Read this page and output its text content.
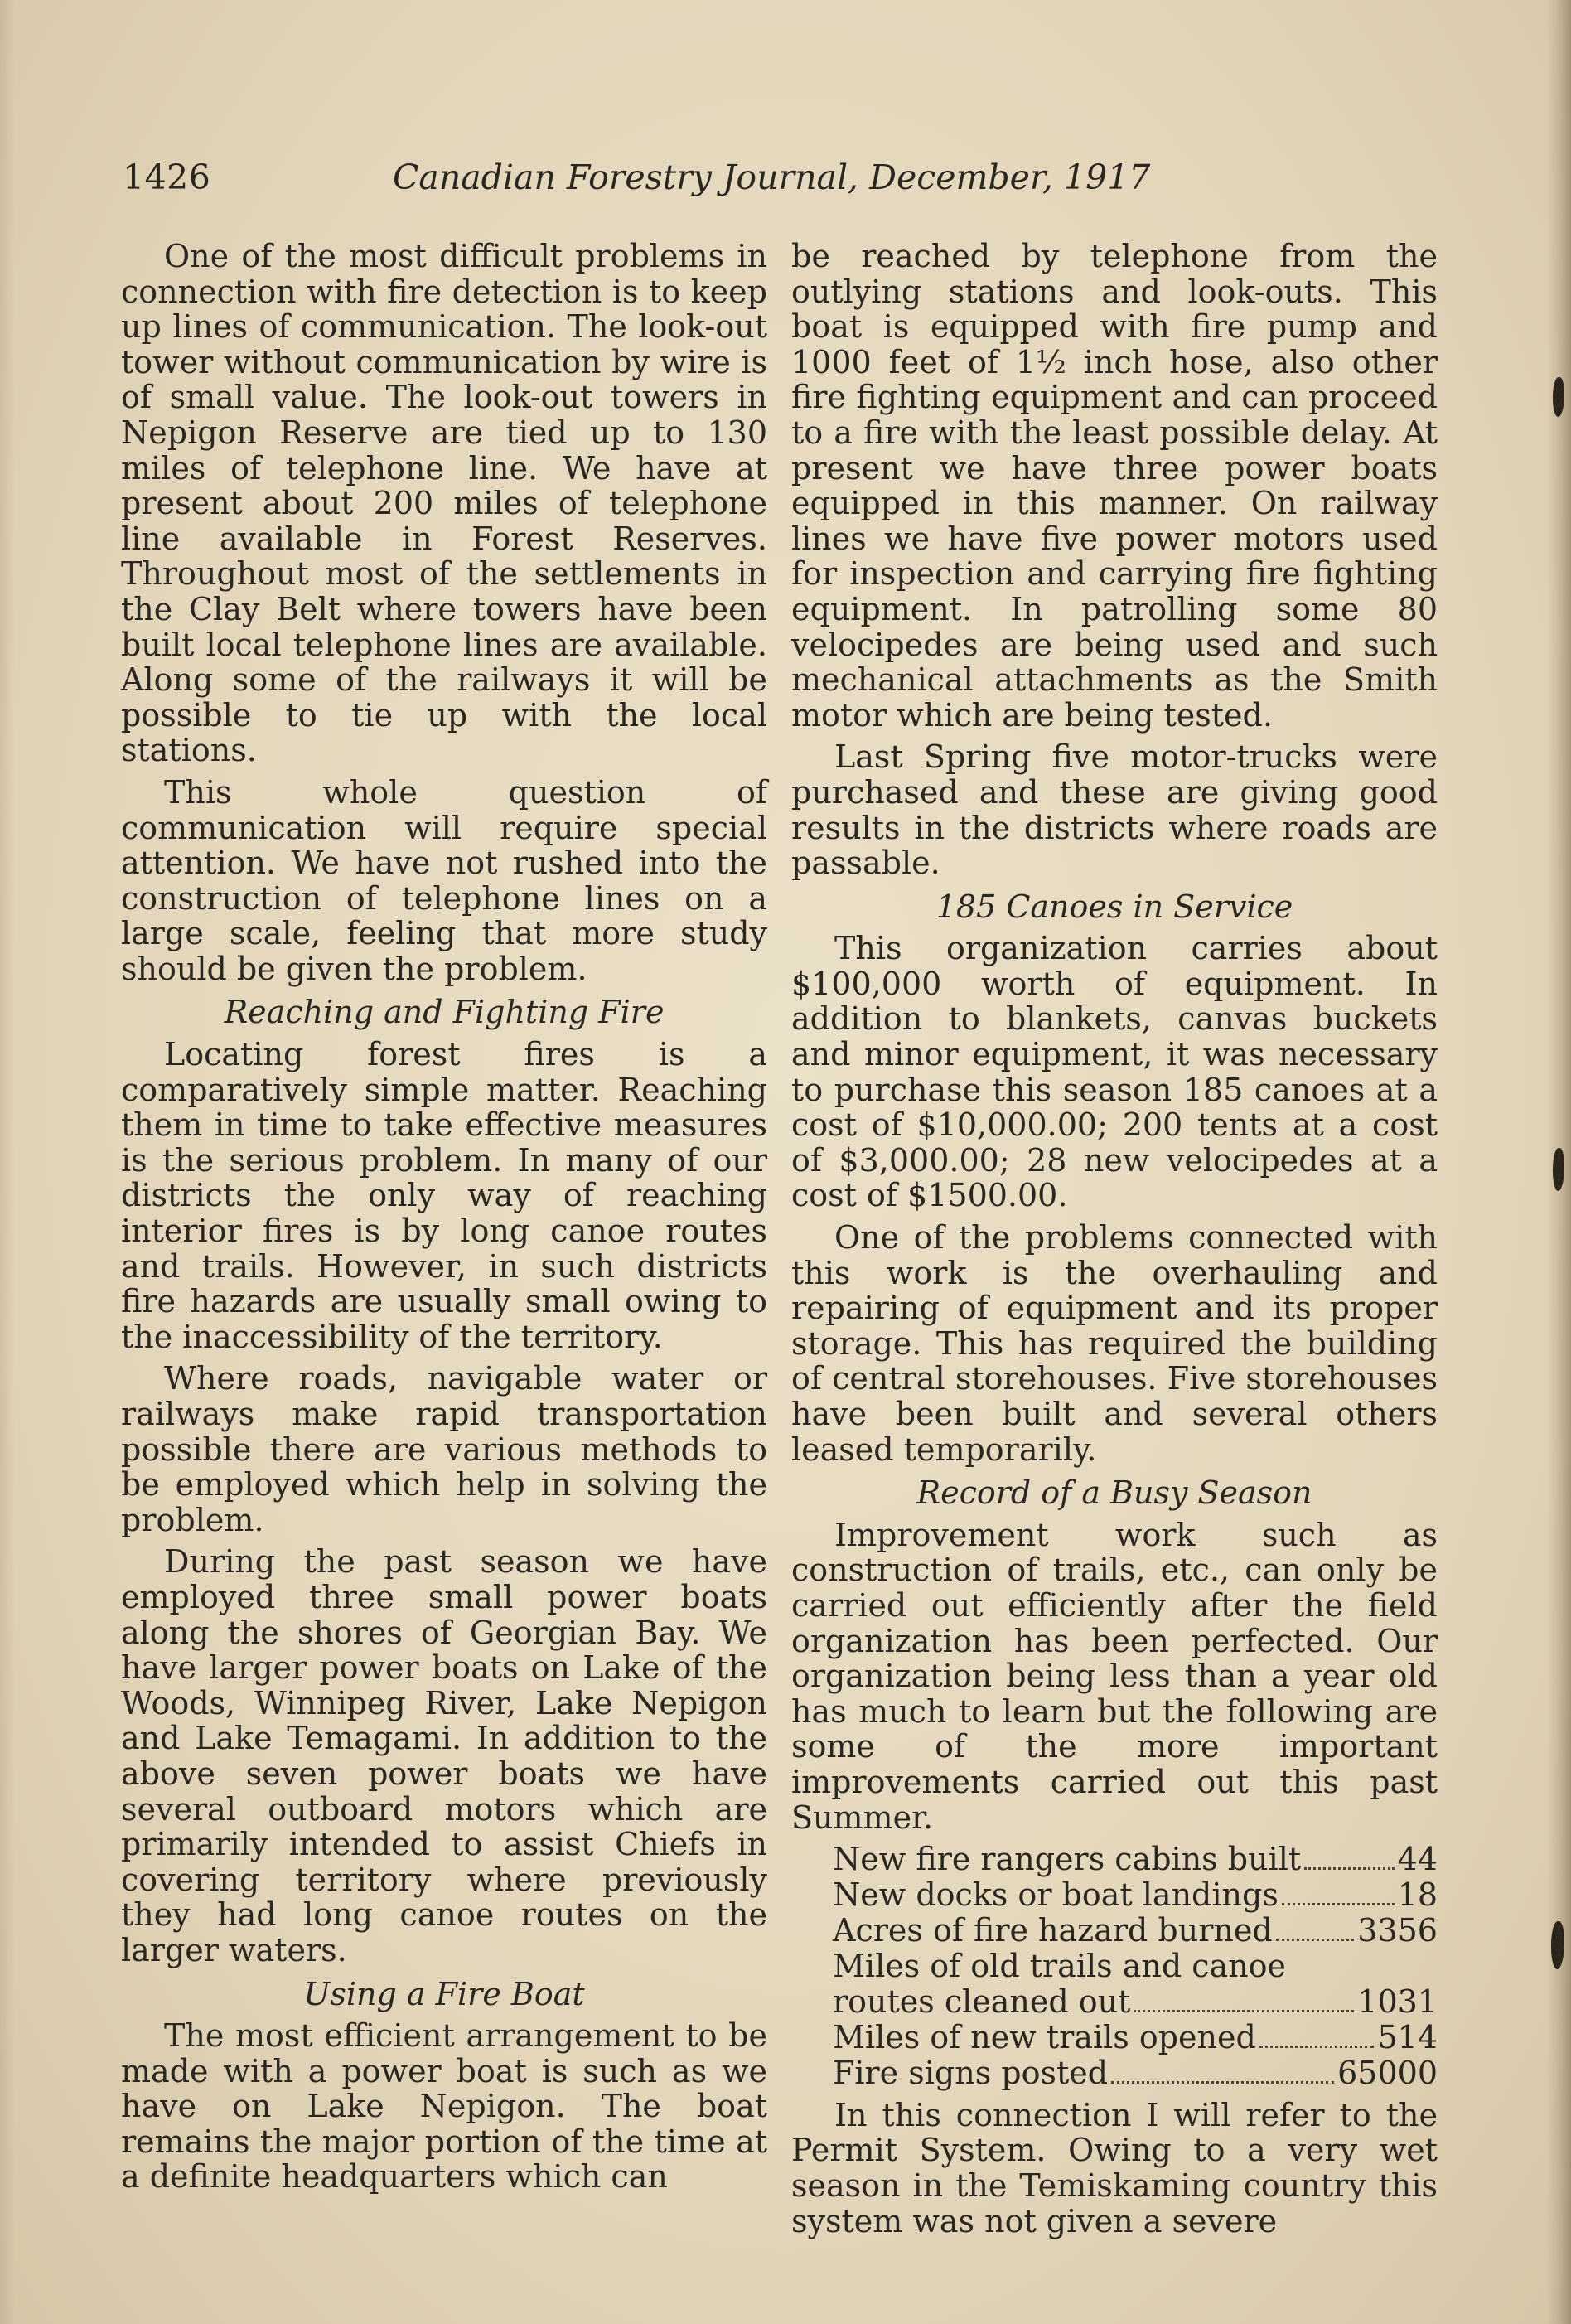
1426	Canadian Forestry Journal, December, 1917

One of the most difficult problems in connection with fire detection is to keep up lines of communication. The look-out tower without communication by wire is of small value. The look-out towers in Nepigon Reserve are tied up to 130 miles of telephone line. We have at present about 200 miles of telephone line available in Forest Reserves. Throughout most of the settlements in the Clay Belt where towers have been built local telephone lines are available. Along some of the railways it will be possible to tie up with the local stations.

This whole question of communication will require special attention. We have not rushed into the construction of telephone lines on a large scale, feeling that more study should be given the problem.

Reaching and Fighting Fire

Locating forest fires is a comparatively simple matter. Reaching them in time to take effective measures is the serious problem. In many of our districts the only way of reaching interior fires is by long canoe routes and trails. However, in such districts fire hazards are usually small owing to the inaccessibility of the territory.

Where roads, navigable water or railways make rapid transportation possible there are various methods to be employed which help in solving the problem.

During the past season we have employed three small power boats along the shores of Georgian Bay. We have larger power boats on Lake of the Woods, Winnipeg River, Lake Nepigon and Lake Temagami. In addition to the above seven power boats we have several outboard motors which are primarily intended to assist Chiefs in covering territory where previously they had long canoe routes on the larger waters.

Using a Fire Boat

The most efficient arrangement to be made with a power boat is such as we have on Lake Nepigon. The boat remains the major portion of the time at a definite headquarters which can

be reached by telephone from the outlying stations and look-outs. This boat is equipped with fire pump and 1000 feet of 1½ inch hose, also other fire fighting equipment and can proceed to a fire with the least possible delay. At present we have three power boats equipped in this manner. On railway lines we have five power motors used for inspection and carrying fire fighting equipment. In patrolling some 80 velocipedes are being used and such mechanical attachments as the Smith motor which are being tested.

Last Spring five motor-trucks were purchased and these are giving good results in the districts where roads are passable.

185 Canoes in Service

This organization carries about $100,000 worth of equipment. In addition to blankets, canvas buckets and minor equipment, it was necessary to purchase this season 185 canoes at a cost of $10,000.00; 200 tents at a cost of $3,000.00; 28 new velocipedes at a cost of $1500.00.

One of the problems connected with this work is the overhauling and repairing of equipment and its proper storage. This has required the building of central storehouses. Five storehouses have been built and several others leased temporarily.

Record of a Busy Season

Improvement work such as construction of trails, etc., can only be carried out efficiently after the field organization has been perfected. Our organization being less than a year old has much to learn but the following are some of the more important improvements carried out this past Summer.

New fire rangers cabins built	44
New docks or boat landings	18
Acres of fire hazard burned	3356
Miles of old trails and canoe
routes cleaned out	1031
Miles of new trails opened	514
Fire signs posted	65000

In this connection I will refer to the Permit System. Owing to a very wet season in the Temiskaming country this system was not given a severe
